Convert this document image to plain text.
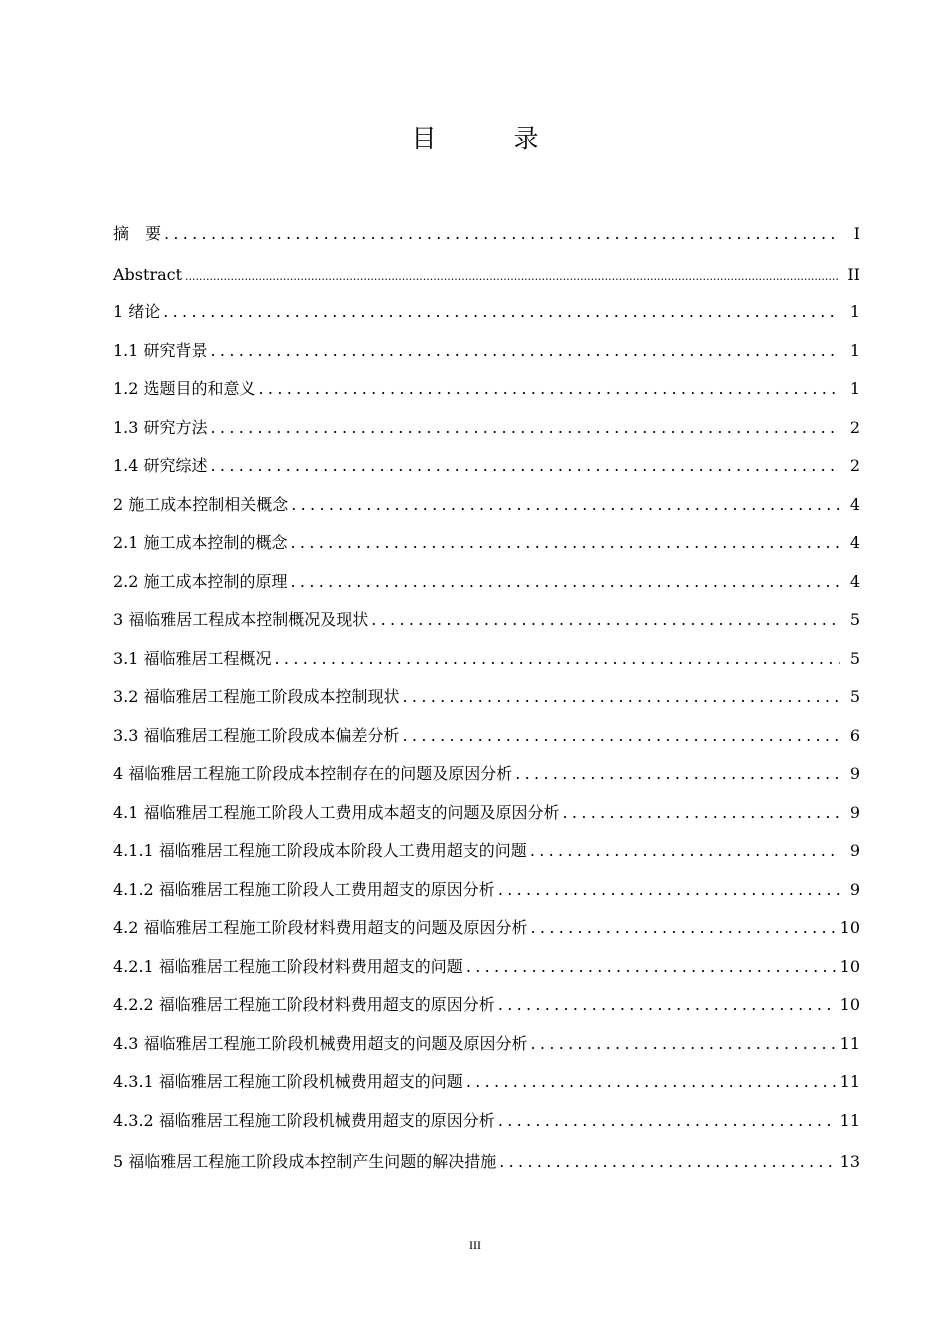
目　录
摘　要 .....	I
Abstract .....	II
1 绪论 .....	1
1.1 研究背景 .....	1
1.2 选题目的和意义 .....	1
1.3 研究方法 .....	2
1.4 研究综述 .....	2
2 施工成本控制相关概念 .....	4
2.1 施工成本控制的概念 .....	4
2.2 施工成本控制的原理 .....	4
3 福临雅居工程成本控制概况及现状 .....	5
3.1 福临雅居工程概况 .....	5
3.2 福临雅居工程施工阶段成本控制现状 .....	5
3.3 福临雅居工程施工阶段成本偏差分析 .....	6
4 福临雅居工程施工阶段成本控制存在的问题及原因分析 .....	9
4.1 福临雅居工程施工阶段人工费用成本超支的问题及原因分析 .....	9
4.1.1 福临雅居工程施工阶段成本阶段人工费用超支的问题 .....	9
4.1.2 福临雅居工程施工阶段人工费用超支的原因分析 .....	9
4.2 福临雅居工程施工阶段材料费用超支的问题及原因分析 .....	10
4.2.1 福临雅居工程施工阶段材料费用超支的问题 .....	10
4.2.2 福临雅居工程施工阶段材料费用超支的原因分析 .....	10
4.3 福临雅居工程施工阶段机械费用超支的问题及原因分析 .....	11
4.3.1 福临雅居工程施工阶段机械费用超支的问题 .....	11
4.3.2 福临雅居工程施工阶段机械费用超支的原因分析 .....	11
5 福临雅居工程施工阶段成本控制产生问题的解决措施 .....	13
III
